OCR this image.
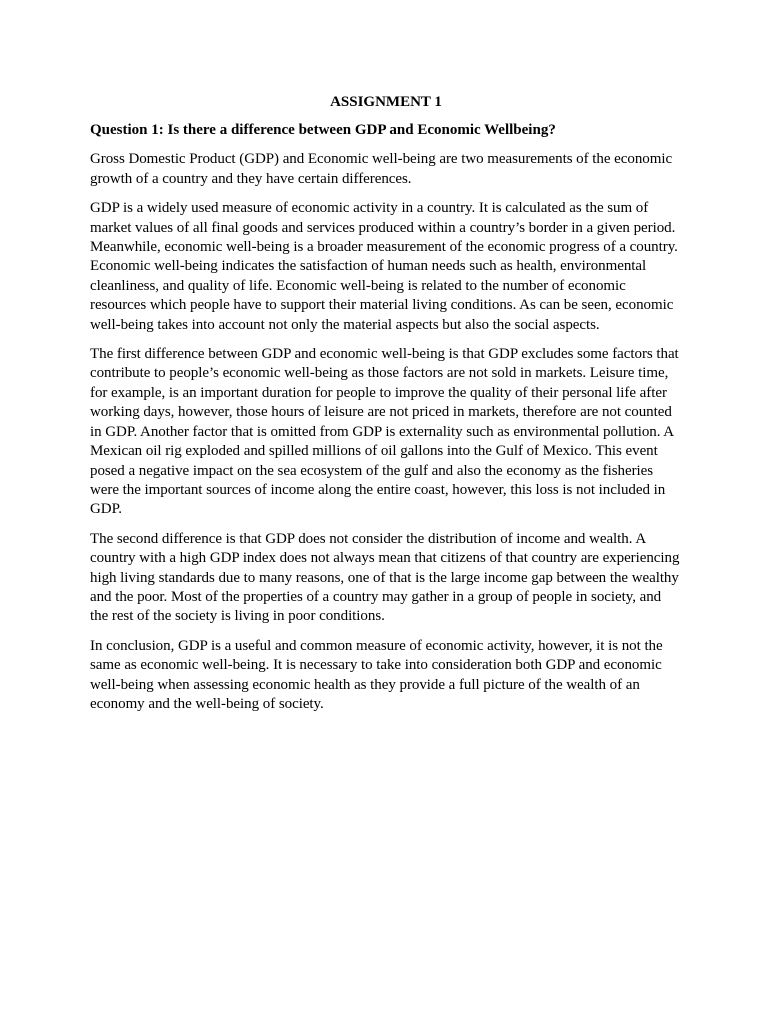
ASSIGNMENT 1
Question 1: Is there a difference between GDP and Economic Wellbeing?

Gross Domestic Product (GDP) and Economic well-being are two measurements of the economic growth of a country and they have certain differences.

GDP is a widely used measure of economic activity in a country. It is calculated as the sum of market values of all final goods and services produced within a country’s border in a given period. Meanwhile, economic well-being is a broader measurement of the economic progress of a country. Economic well-being indicates the satisfaction of human needs such as health, environmental cleanliness, and quality of life. Economic well-being is related to the number of economic resources which people have to support their material living conditions. As can be seen, economic well-being takes into account not only the material aspects but also the social aspects.

The first difference between GDP and economic well-being is that GDP excludes some factors that contribute to people’s economic well-being as those factors are not sold in markets. Leisure time, for example, is an important duration for people to improve the quality of their personal life after working days, however, those hours of leisure are not priced in markets, therefore are not counted in GDP. Another factor that is omitted from GDP is externality such as environmental pollution. A Mexican oil rig exploded and spilled millions of oil gallons into the Gulf of Mexico. This event posed a negative impact on the sea ecosystem of the gulf and also the economy as the fisheries were the important sources of income along the entire coast, however, this loss is not included in GDP.

The second difference is that GDP does not consider the distribution of income and wealth. A country with a high GDP index does not always mean that citizens of that country are experiencing high living standards due to many reasons, one of that is the large income gap between the wealthy and the poor. Most of the properties of a country may gather in a group of people in society, and the rest of the society is living in poor conditions.

In conclusion, GDP is a useful and common measure of economic activity, however, it is not the same as economic well-being. It is necessary to take into consideration both GDP and economic well-being when assessing economic health as they provide a full picture of the wealth of an economy and the well-being of society.
